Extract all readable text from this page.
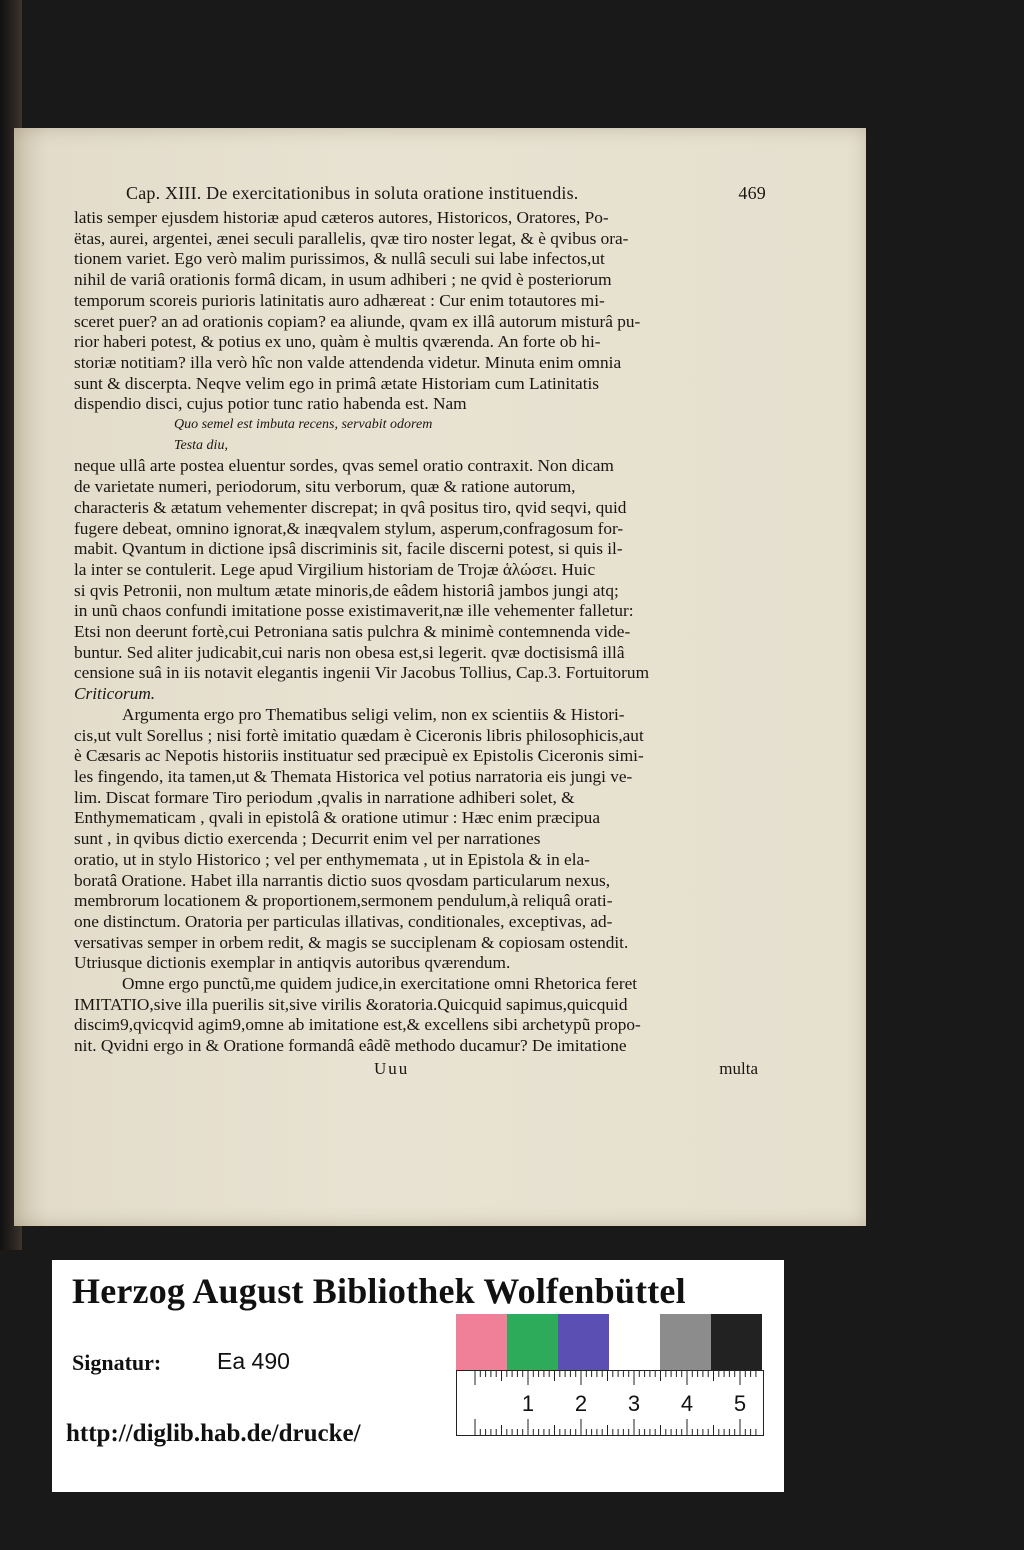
Cap. XIII. De exercitationibus in soluta oratione instituendis.	469

latis semper ejusdem historiæ apud cæteros autores, Historicos, Oratores, Po-
ëtas, aurei, argentei, ænei seculi parallelis, qvæ tiro noster legat, & è qvibus ora-
tionem variet. Ego verò malim purissimos, & nullâ seculi sui labe infectos,ut
nihil de variâ orationis formâ dicam, in usum adhiberi ; ne qvid è posteriorum
temporum scoreis purioris latinitatis auro adhæreat : Cur enim totautores mi-
sceret puer? an ad orationis copiam? ea aliunde, qvam ex illâ autorum misturâ pu-
rior haberi potest, & potius ex uno, quàm è multis qværenda. An forte ob hi-
storiæ notitiam? illa verò hîc non valde attendenda videtur. Minuta enim omnia
sunt & discerpta. Neqve velim ego in primâ ætate Historiam cum Latinitatis
dispendio disci, cujus potior tunc ratio habenda est. Nam

Quo semel est imbuta recens, servabit odorem
Testa diu,

neque ullâ arte postea eluentur sordes, qvas semel oratio contraxit. Non dicam
de varietate numeri, periodorum, situ verborum, quæ & ratione autorum,
characteris & ætatum vehementer discrepat; in qvâ positus tiro, qvid seqvi, quid
fugere debeat, omnino ignorat,& inæqvalem stylum, asperum,confragosum for-
mabit. Qvantum in dictione ipsâ discriminis sit, facile discerni potest, si quis il-
la inter se contulerit. Lege apud Virgilium historiam de Trojæ ἁλώσει. Huic
si qvis Petronii, non multum ætate minoris,de eâdem historiâ jambos jungi atq;
in unũ chaos confundi imitatione posse existimaverit,næ ille vehementer falletur:
Etsi non deerunt fortè,cui Petroniana satis pulchra & minimè contemnenda vide-
buntur. Sed aliter judicabit,cui naris non obesa est,si legerit. qvæ doctisismâ illâ
censione suâ in iis notavit elegantis ingenii Vir Jacobus Tollius, Cap.3. Fortuitorum
Criticorum.

Argumenta ergo pro Thematibus seligi velim, non ex scientiis & Histori-
cis,ut vult Sorellus ; nisi fortè imitatio quædam è Ciceronis libris philosophicis,aut
è Cæsaris ac Nepotis historiis instituatur sed præcipuè ex Epistolis Ciceronis simi-
les fingendo, ita tamen,ut & Themata Historica vel potius narratoria eis jungi ve-
lim. Discat formare Tiro periodum ,qvalis in narratione adhiberi solet, &
Enthymematicam , qvali in epistolâ & oratione utimur : Hæc enim præcipua
sunt , in qvibus dictio exercenda ; Decurrit enim vel per narrationes
oratio, ut in stylo Historico ; vel per enthymemata , ut in Epistola & in ela-
boratâ Oratione. Habet illa narrantis dictio suos qvosdam particularum nexus,
membrorum locationem & proportionem,sermonem pendulum,à reliquâ orati-
one distinctum. Oratoria per particulas illativas, conditionales, exceptivas, ad-
versativas semper in orbem redit, & magis se succiplenam & copiosam ostendit.
Utriusque dictionis exemplar in antiqvis autoribus qværendum.

Omne ergo punctũ,me quidem judice,in exercitatione omni Rhetorica feret
IMITATIO,sive illa puerilis sit,sive virilis &oratoria.Quicquid sapimus,quicquid
discim9,qvicqvid agim9,omne ab imitatione est,& excellens sibi archetypũ propo-
nit. Qvidni ergo in & Oratione formandâ eâdẽ methodo ducamur? De imitatione

Uuu	multa
Herzog August Bibliothek Wolfenbüttel
Signatur: Ea 490
1 2 3 4 5
http://diglib.hab.de/drucke/
